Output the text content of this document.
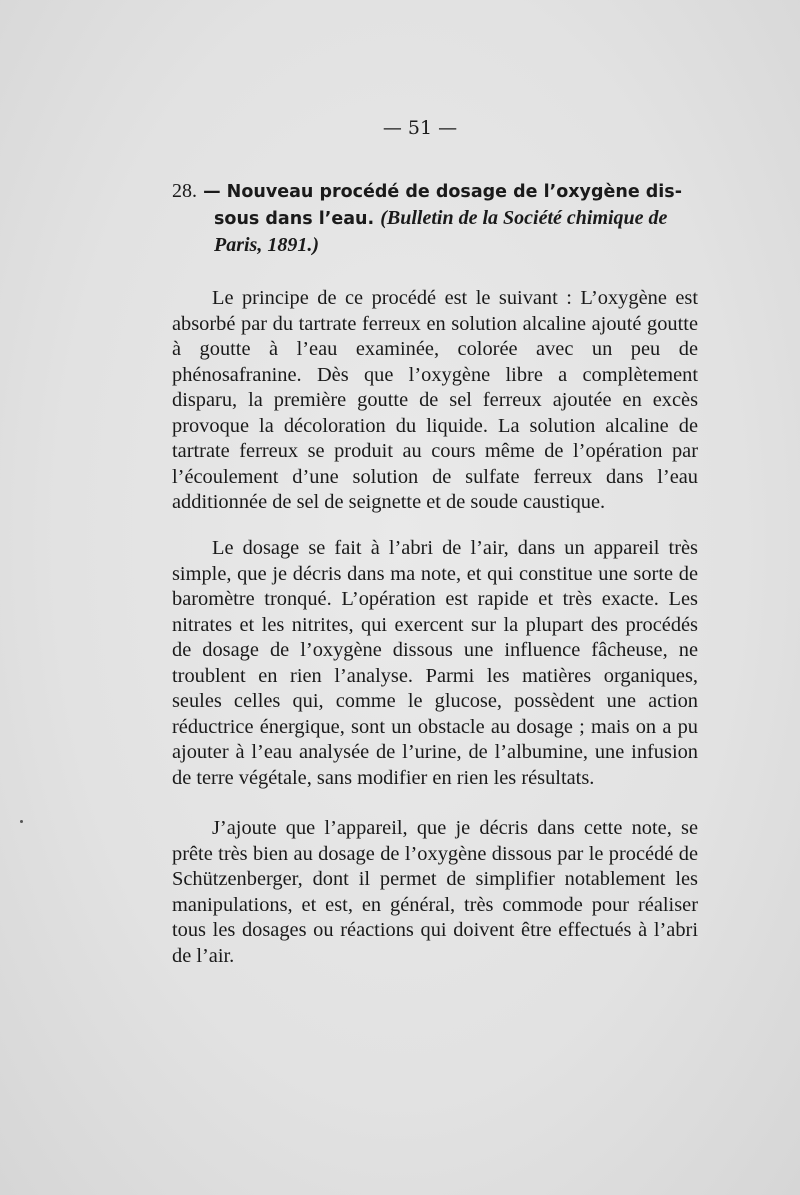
— 51 —
28. — Nouveau procédé de dosage de l’oxygène dis-
sous dans l’eau. (Bulletin de la Société chimique de
Paris, 1891.)

Le principe de ce procédé est le suivant : L’oxygène est absorbé par du tartrate ferreux en solution alcaline ajouté goutte à goutte à l’eau examinée, colorée avec un peu de phénosafranine. Dès que l’oxygène libre a complètement disparu, la première goutte de sel ferreux ajoutée en excès provoque la décoloration du liquide. La solution alcaline de tartrate ferreux se produit au cours même de l’opération par l’écoulement d’une solution de sulfate ferreux dans l’eau additionnée de sel de seignette et de soude caustique.

Le dosage se fait à l’abri de l’air, dans un appareil très simple, que je décris dans ma note, et qui constitue une sorte de baromètre tronqué. L’opération est rapide et très exacte. Les nitrates et les nitrites, qui exercent sur la plupart des procédés de dosage de l’oxygène dissous une influence fâcheuse, ne troublent en rien l’analyse. Parmi les matières organiques, seules celles qui, comme le glucose, possèdent une action réductrice énergique, sont un obstacle au dosage ; mais on a pu ajouter à l’eau analysée de l’urine, de l’albumine, une infusion de terre végétale, sans modifier en rien les résultats.

J’ajoute que l’appareil, que je décris dans cette note, se prête très bien au dosage de l’oxygène dissous par le procédé de Schützenberger, dont il permet de simplifier notablement les manipulations, et est, en général, très commode pour réaliser tous les dosages ou réactions qui doivent être effectués à l’abri de l’air.
